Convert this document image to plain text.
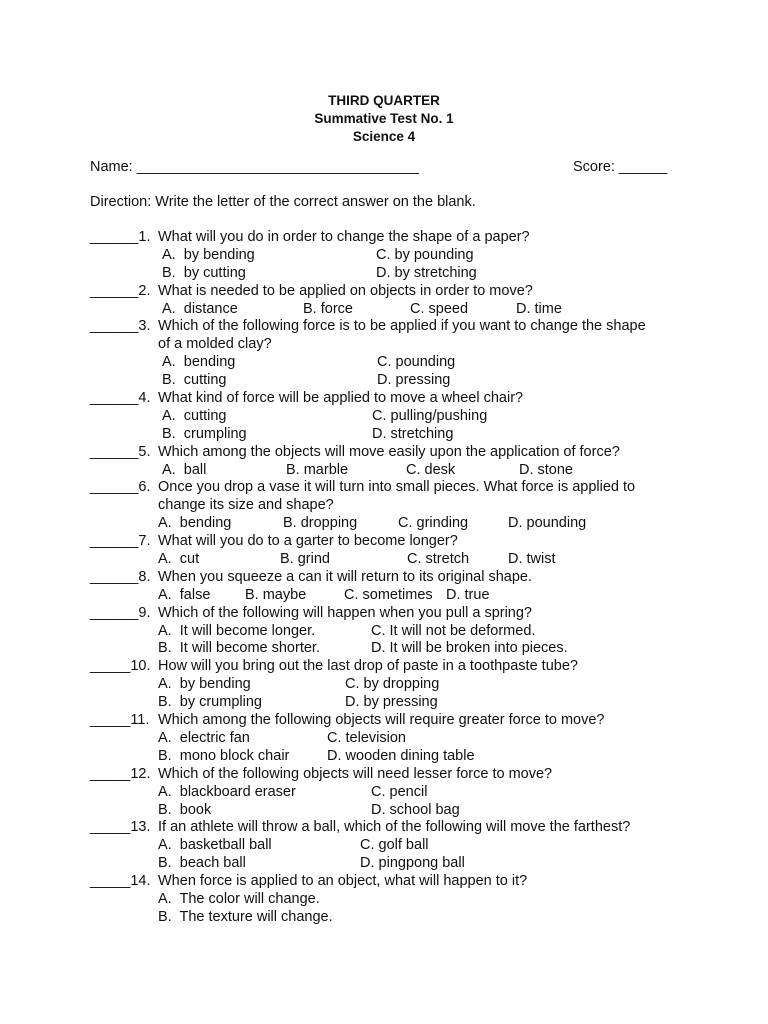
THIRD QUARTER
Summative Test No. 1
Science 4
Name: ___________________________________	Score: ______
Direction: Write the letter of the correct answer on the blank.
______1. What will you do in order to change the shape of a paper?
A.  by bending	C. by pounding
B.  by cutting	D. by stretching
______2. What is needed to be applied on objects in order to move?
A.  distance	B. force	C. speed	D. time
______3. Which of the following force is to be applied if you want to change the shape
of a molded clay?
A.  bending	C. pounding
B.  cutting	D. pressing
______4. What kind of force will be applied to move a wheel chair?
A.  cutting	C. pulling/pushing
B.  crumpling	D. stretching
______5. Which among the objects will move easily upon the application of force?
A.  ball	B. marble	C. desk	D. stone
______6. Once you drop a vase it will turn into small pieces. What force is applied to
change its size and shape?
A.  bending	B. dropping	C. grinding	D. pounding
______7. What will you do to a garter to become longer?
A.  cut	B. grind	C. stretch	D. twist
______8. When you squeeze a can it will return to its original shape.
A.  false B. maybe	C. sometimes D. true
______9. Which of the following will happen when you pull a spring?
A.  It will become longer.	C. It will not be deformed.
B.  It will become shorter.	D. It will be broken into pieces.
_____10. How will you bring out the last drop of paste in a toothpaste tube?
A.  by bending	C. by dropping
B.  by crumpling	D. by pressing
_____11. Which among the following objects will require greater force to move?
A.  electric fan	C. television
B.  mono block chair	D. wooden dining table
_____12. Which of the following objects will need lesser force to move?
A.  blackboard eraser	C. pencil
B.  book	D. school bag
_____13. If an athlete will throw a ball, which of the following will move the farthest?
A.  basketball ball	C. golf ball
B.  beach ball	D. pingpong ball
_____14. When force is applied to an object, what will happen to it?
A.  The color will change.
B.  The texture will change.
